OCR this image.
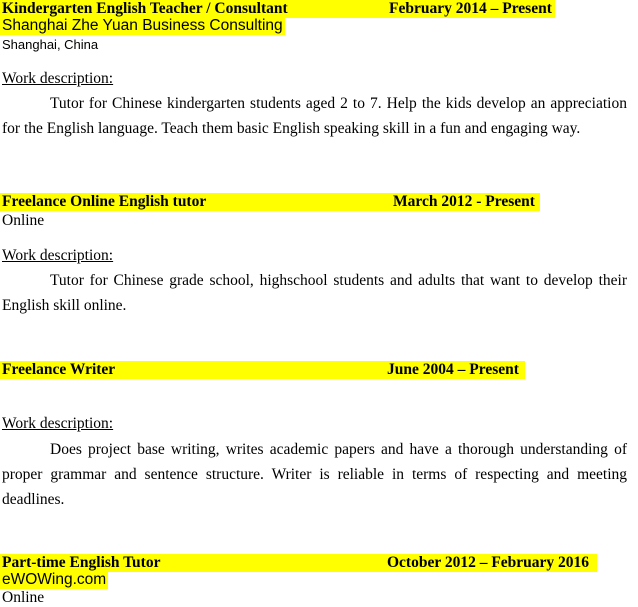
Kindergarten English Teacher / Consultant	February 2014 – Present
Shanghai Zhe Yuan Business Consulting
Shanghai, China
Work description:
Tutor for Chinese kindergarten students aged 2 to 7. Help the kids develop an appreciation for the English language. Teach them basic English speaking skill in a fun and engaging way.
Freelance Online English tutor	March 2012 - Present
Online
Work description:
Tutor for Chinese grade school, highschool students and adults that want to develop their English skill online.
Freelance Writer	June 2004 – Present
Work description:
Does project base writing, writes academic papers and have a thorough understanding of proper grammar and sentence structure. Writer is reliable in terms of respecting and meeting deadlines.
Part-time English Tutor	October 2012 – February 2016
eWOWing.com
Online
